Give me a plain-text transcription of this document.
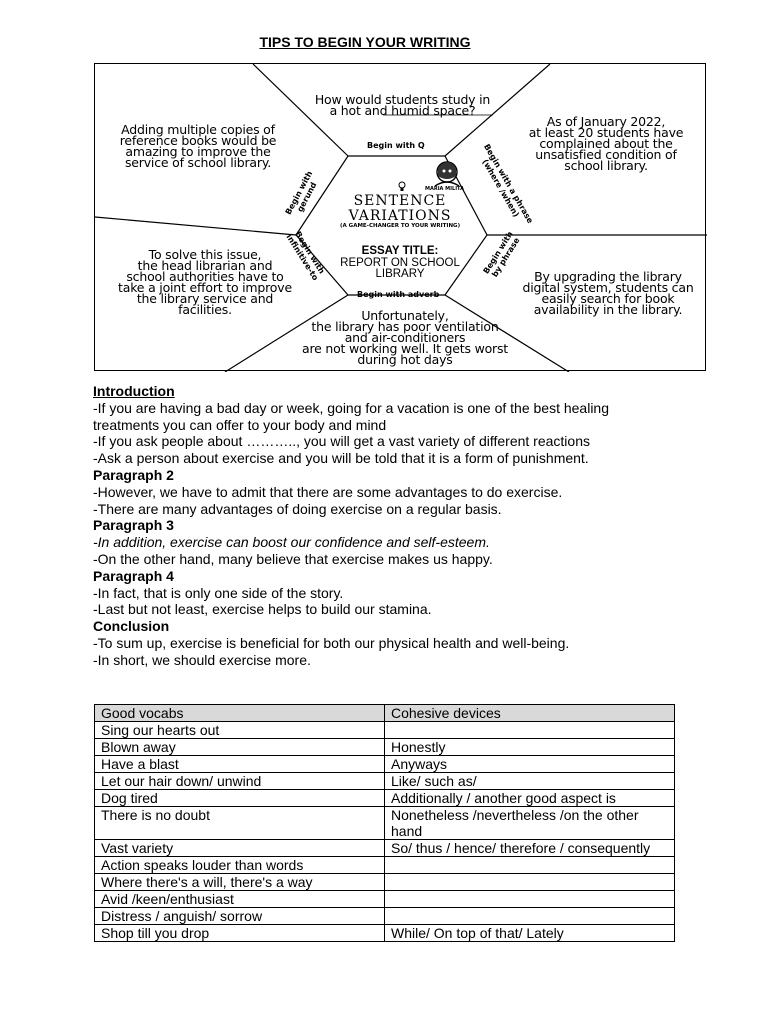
TIPS TO BEGIN YOUR WRITING
How would students study in
a hot and humid space?
As of January 2022,
at least 20 students have
complained about the
unsatisfied condition of
school library.
Adding multiple copies of
reference books would be
amazing to improve the
service of school library.
To solve this issue,
the head librarian and
school authorities have to
take a joint effort to improve
the library service and
facilities.
By upgrading the library
digital system, students can
easily search for book
availability in the library.
Unfortunately,
the library has poor ventilation
and air-conditioners
are not working well. It gets worst
during hot days
Begin with Q
Begin with gerund	Begin with a phrase (where /when)
Begin with infinitive-to	Begin with by phrase
Begin with adverb
MARIA MILITA
SENTENCE
VARIATIONS
(A GAME-CHANGER TO YOUR WRITING)
ESSAY TITLE:
REPORT ON SCHOOL
LIBRARY
Introduction
-If you are having a bad day or week, going for a vacation is one of the best healing
treatments you can offer to your body and mind
-If you ask people about ……….., you will get a vast variety of different reactions
-Ask a person about exercise and you will be told that it is a form of punishment.
Paragraph 2
-However, we have to admit that there are some advantages to do exercise.
-There are many advantages of doing exercise on a regular basis.
Paragraph 3
-In addition, exercise can boost our confidence and self-esteem.
-On the other hand, many believe that exercise makes us happy.
Paragraph 4
-In fact, that is only one side of the story.
-Last but not least, exercise helps to build our stamina.
Conclusion
-To sum up, exercise is beneficial for both our physical health and well-being.
-In short, we should exercise more.
Good vocabs	Cohesive devices
Sing our hearts out	
Blown away	Honestly
Have a blast	Anyways
Let our hair down/ unwind	Like/ such as/
Dog tired	Additionally / another good aspect is
There is no doubt	Nonetheless /nevertheless /on the other hand
Vast variety	So/ thus / hence/ therefore / consequently
Action speaks louder than words	
Where there's a will, there's a way	
Avid /keen/enthusiast	
Distress / anguish/ sorrow	
Shop till you drop	While/ On top of that/ Lately
